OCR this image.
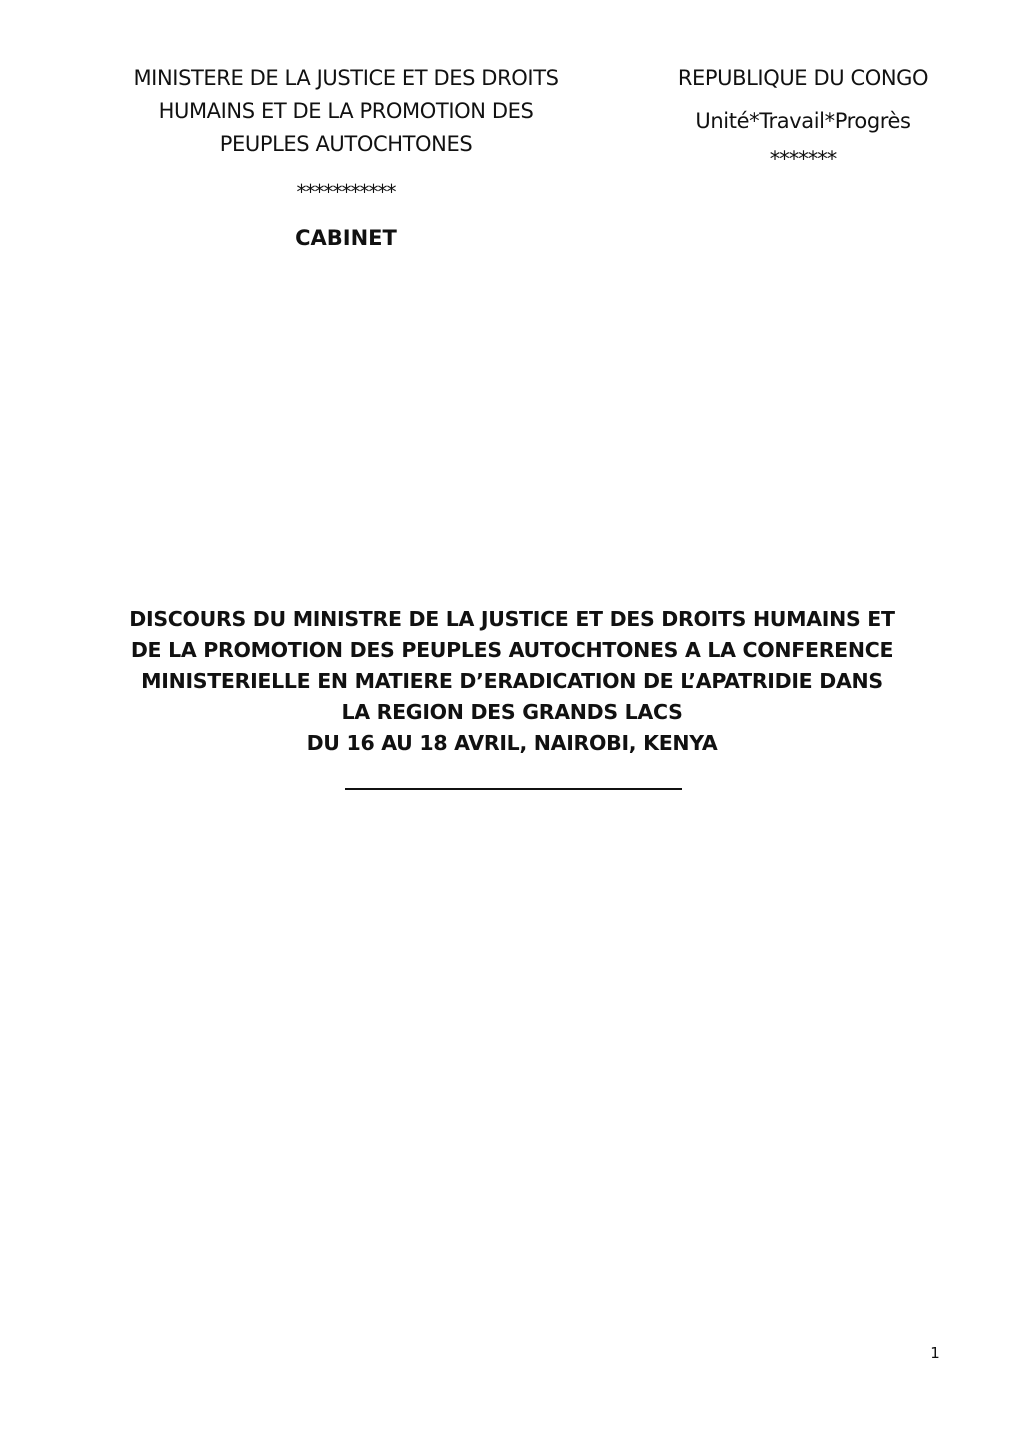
MINISTERE DE LA JUSTICE ET DES DROITS
HUMAINS ET DE LA PROMOTION DES
PEUPLES AUTOCHTONES
***********
CABINET
REPUBLIQUE DU CONGO
Unité*Travail*Progrès
*******
DISCOURS DU MINISTRE DE LA JUSTICE ET DES DROITS HUMAINS ET
DE LA PROMOTION DES PEUPLES AUTOCHTONES A LA CONFERENCE
MINISTERIELLE EN MATIERE D’ERADICATION DE L’APATRIDIE DANS
LA REGION DES GRANDS LACS
DU 16 AU 18 AVRIL, NAIROBI, KENYA
1
